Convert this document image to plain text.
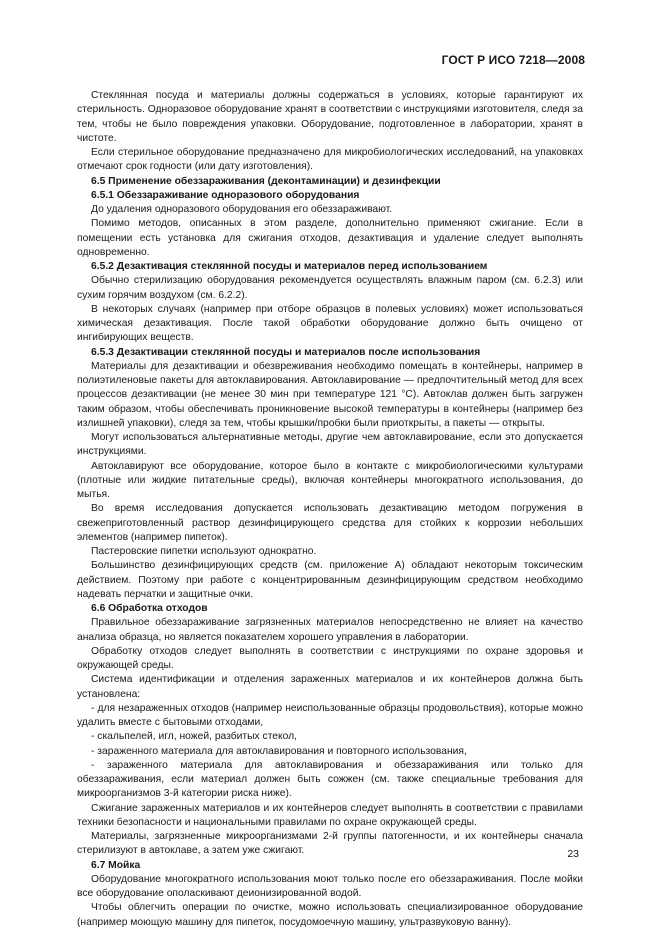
ГОСТ Р ИСО 7218—2008

Стеклянная посуда и материалы должны содержаться в условиях, которые гарантируют их стерильность. Одноразовое оборудование хранят в соответствии с инструкциями изготовителя, следя за тем, чтобы не было повреждения упаковки. Оборудование, подготовленное в лаборатории, хранят в чистоте.

Если стерильное оборудование предназначено для микробиологических исследований, на упаковках отмечают срок годности (или дату изготовления).

6.5 Применение обеззараживания (деконтаминации) и дезинфекции

6.5.1 Обеззараживание одноразового оборудования

До удаления одноразового оборудования его обеззараживают.

Помимо методов, описанных в этом разделе, дополнительно применяют сжигание. Если в помещении есть установка для сжигания отходов, дезактивация и удаление следует выполнять одновременно.

6.5.2 Дезактивация стеклянной посуды и материалов перед использованием

Обычно стерилизацию оборудования рекомендуется осуществлять влажным паром (см. 6.2.3) или сухим горячим воздухом (см. 6.2.2).

В некоторых случаях (например при отборе образцов в полевых условиях) может использоваться химическая дезактивация. После такой обработки оборудование должно быть очищено от ингибирующих веществ.

6.5.3 Дезактивации стеклянной посуды и материалов после использования

Материалы для дезактивации и обезвреживания необходимо помещать в контейнеры, например в полиэтиленовые пакеты для автоклавирования. Автоклавирование — предпочтительный метод для всех процессов дезактивации (не менее 30 мин при температуре 121 °С). Автоклав должен быть загружен таким образом, чтобы обеспечивать проникновение высокой температуры в контейнеры (например без излишней упаковки), следя за тем, чтобы крышки/пробки были приоткрыты, а пакеты — открыты.

Могут использоваться альтернативные методы, другие чем автоклавирование, если это допускается инструкциями.

Автоклавируют все оборудование, которое было в контакте с микробиологическими культурами (плотные или жидкие питательные среды), включая контейнеры многократного использования, до мытья.

Во время исследования допускается использовать дезактивацию методом погружения в свежеприготовленный раствор дезинфицирующего средства для стойких к коррозии небольших элементов (например пипеток).

Пастеровские пипетки используют однократно.

Большинство дезинфицирующих средств (см. приложение А) обладают некоторым токсическим действием. Поэтому при работе с концентрированным дезинфицирующим средством необходимо надевать перчатки и защитные очки.

6.6 Обработка отходов

Правильное обеззараживание загрязненных материалов непосредственно не влияет на качество анализа образца, но является показателем хорошего управления в лаборатории.

Обработку отходов следует выполнять в соответствии с инструкциями по охране здоровья и окружающей среды.

Система идентификации и отделения зараженных материалов и их контейнеров должна быть установлена:

- для незараженных отходов (например неиспользованные образцы продовольствия), которые можно удалить вместе с бытовыми отходами,

- скальпелей, игл, ножей, разбитых стекол,

- зараженного материала для автоклавирования и повторного использования,

- зараженного материала для автоклавирования и обеззараживания или только для обеззараживания, если материал должен быть сожжен (см. также специальные требования для микроорганизмов 3-й категории риска ниже).

Сжигание зараженных материалов и их контейнеров следует выполнять в соответствии с правилами техники безопасности и национальными правилами по охране окружающей среды.

Материалы, загрязненные микроорганизмами 2-й группы патогенности, и их контейнеры сначала стерилизуют в автоклаве, а затем уже сжигают.

6.7 Мойка

Оборудование многократного использования моют только после его обеззараживания. После мойки все оборудование ополаскивают деионизированной водой.

Чтобы облегчить операции по очистке, можно использовать специализированное оборудование (например моющую машину для пипеток, посудомоечную машину, ультразвуковую ванну).

23
